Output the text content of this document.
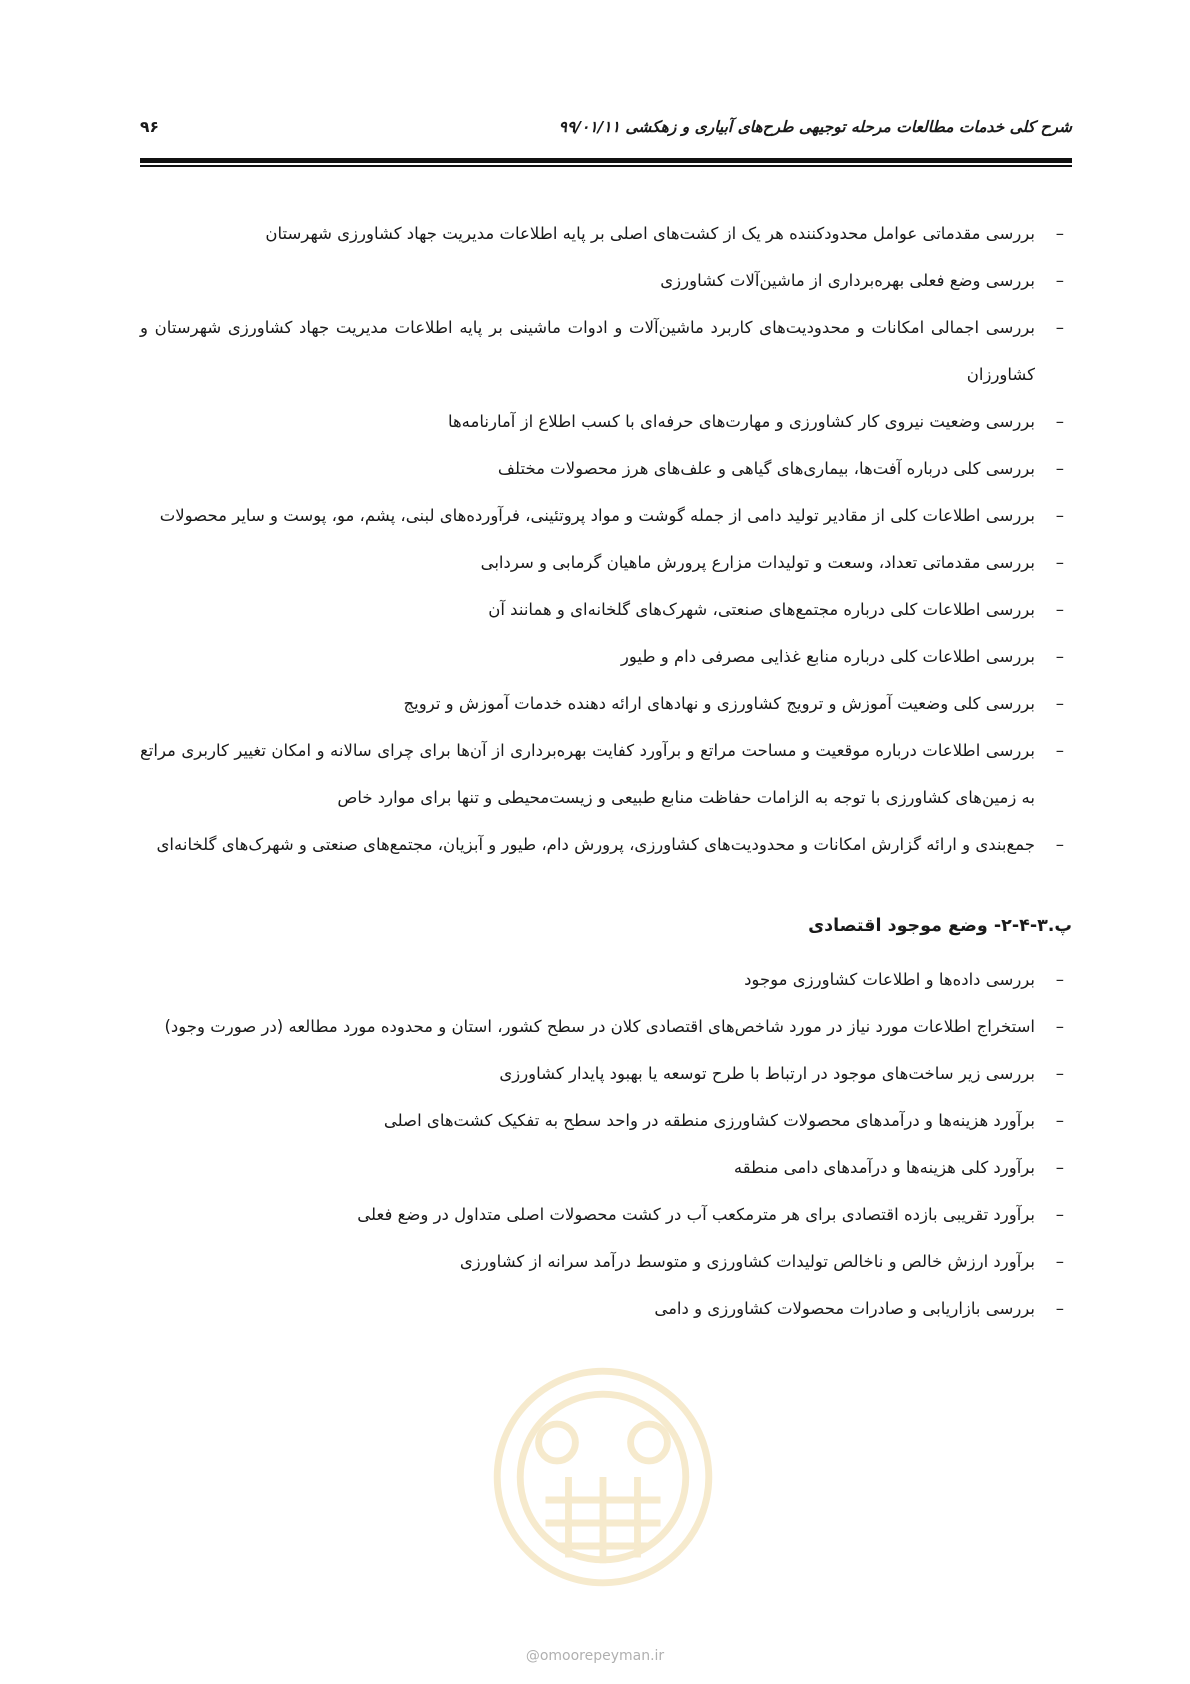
شرح کلی خدمات مطالعات مرحله توجیهی طرح‌های آبیاری و زهکشی ۹۹/۰۱/۱۱
۹۶
–
بررسی مقدماتی عوامل محدودکننده هر یک از کشت‌های اصلی بر پایه اطلاعات مدیریت جهاد کشاورزی شهرستان
–
بررسی وضع فعلی بهره‌برداری از ماشین‌آلات کشاورزی
–
بررسی اجمالی امکانات و محدودیت‌های کاربرد ماشین‌آلات و ادوات ماشینی بر پایه اطلاعات مدیریت جهاد کشاورزی شهرستان و کشاورزان
–
بررسی وضعیت نیروی کار کشاورزی و مهارت‌های حرفه‌ای با کسب اطلاع از آمارنامه‌ها
–
بررسی کلی درباره آفت‌ها، بیماری‌های گیاهی و علف‌های هرز محصولات مختلف
–
بررسی اطلاعات کلی از مقادیر تولید دامی از جمله گوشت و مواد پروتئینی، فرآورده‌های لبنی، پشم، مو، پوست و سایر محصولات
–
بررسی مقدماتی تعداد، وسعت و تولیدات مزارع پرورش ماهیان گرمابی و سردابی
–
بررسی اطلاعات کلی درباره مجتمع‌های صنعتی، شهرک‌های گلخانه‌ای و همانند آن
–
بررسی اطلاعات کلی درباره منابع غذایی مصرفی دام و طیور
–
بررسی کلی وضعیت آموزش و ترویج کشاورزی و نهادهای ارائه دهنده خدمات آموزش و ترویج
–
بررسی اطلاعات درباره موقعیت و مساحت مراتع و برآورد کفایت بهره‌برداری از آن‌ها برای چرای سالانه و امکان تغییر کاربری مراتع به زمین‌های کشاورزی با توجه به الزامات حفاظت منابع طبیعی و زیست‌محیطی و تنها برای موارد خاص
–
جمع‌بندی و ارائه گزارش امکانات و محدودیت‌های کشاورزی، پرورش دام، طیور و آبزیان، مجتمع‌های صنعتی و شهرک‌های گلخانه‌ای
پ.۳-۴-۲- وضع موجود اقتصادی
–
بررسی داده‌ها و اطلاعات کشاورزی موجود
–
استخراج اطلاعات مورد نیاز در مورد شاخص‌های اقتصادی کلان در سطح کشور، استان و محدوده مورد مطالعه (در صورت وجود)
–
بررسی زیر ساخت‌های موجود در ارتباط با طرح توسعه یا بهبود پایدار کشاورزی
–
برآورد هزینه‌ها و درآمدهای محصولات کشاورزی منطقه در واحد سطح به تفکیک کشت‌های اصلی
–
برآورد کلی هزینه‌ها و درآمدهای دامی منطقه
–
برآورد تقریبی بازده اقتصادی برای هر مترمکعب آب در کشت محصولات اصلی متداول در وضع فعلی
–
برآورد ارزش خالص و ناخالص تولیدات کشاورزی و متوسط درآمد سرانه از کشاورزی
–
بررسی بازاریابی و صادرات محصولات کشاورزی و دامی
@omoorepeyman.ir
